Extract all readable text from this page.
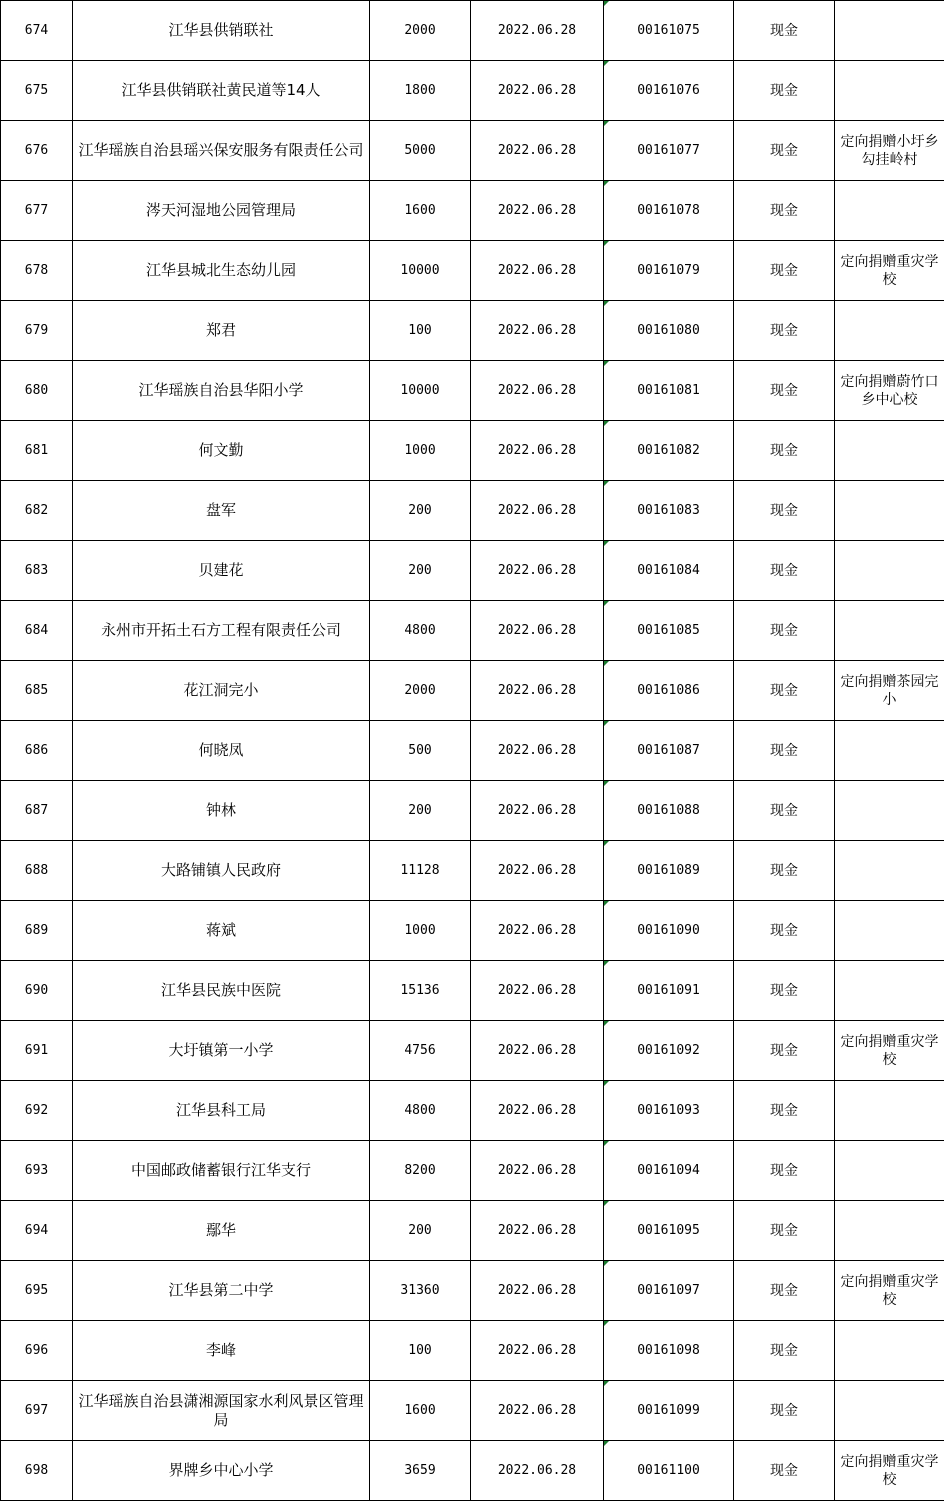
674	江华县供销联社	2000	2022.06.28	00161075	现金	
675	江华县供销联社黄民道等14人	1800	2022.06.28	00161076	现金	
676	江华瑶族自治县瑶兴保安服务有限责任公司	5000	2022.06.28	00161077	现金	定向捐赠小圩乡勾挂岭村
677	涔天河湿地公园管理局	1600	2022.06.28	00161078	现金	
678	江华县城北生态幼儿园	10000	2022.06.28	00161079	现金	定向捐赠重灾学校
679	郑君	100	2022.06.28	00161080	现金	
680	江华瑶族自治县华阳小学	10000	2022.06.28	00161081	现金	定向捐赠蔚竹口乡中心校
681	何文勤	1000	2022.06.28	00161082	现金	
682	盘军	200	2022.06.28	00161083	现金	
683	贝建花	200	2022.06.28	00161084	现金	
684	永州市开拓土石方工程有限责任公司	4800	2022.06.28	00161085	现金	
685	花江洞完小	2000	2022.06.28	00161086	现金	定向捐赠茶园完小
686	何晓凤	500	2022.06.28	00161087	现金	
687	钟林	200	2022.06.28	00161088	现金	
688	大路铺镇人民政府	11128	2022.06.28	00161089	现金	
689	蒋斌	1000	2022.06.28	00161090	现金	
690	江华县民族中医院	15136	2022.06.28	00161091	现金	
691	大圩镇第一小学	4756	2022.06.28	00161092	现金	定向捐赠重灾学校
692	江华县科工局	4800	2022.06.28	00161093	现金	
693	中国邮政储蓄银行江华支行	8200	2022.06.28	00161094	现金	
694	鄢华	200	2022.06.28	00161095	现金	
695	江华县第二中学	31360	2022.06.28	00161097	现金	定向捐赠重灾学校
696	李峰	100	2022.06.28	00161098	现金	
697	江华瑶族自治县潇湘源国家水利风景区管理局	1600	2022.06.28	00161099	现金	
698	界牌乡中心小学	3659	2022.06.28	00161100	现金	定向捐赠重灾学校
